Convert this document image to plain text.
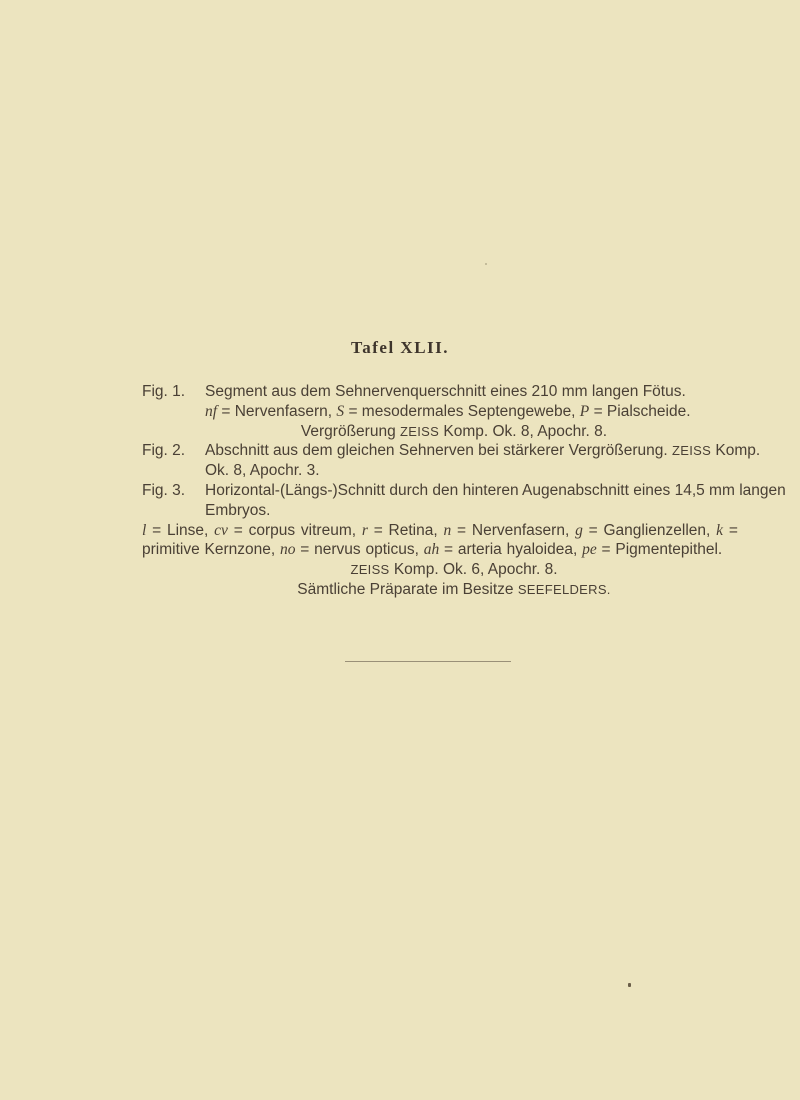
Tafel XLII.
Fig. 1. Segment aus dem Sehnervenquerschnitt eines 210 mm langen Fötus.
nf = Nervenfasern, S = mesodermales Septengewebe, P = Pialscheide.
Vergrößerung ZEISS Komp. Ok. 8, Apochr. 8.
Fig. 2. Abschnitt aus dem gleichen Sehnerven bei stärkerer Vergrößerung. ZEISS Komp.
Ok. 8, Apochr. 3.
Fig. 3. Horizontal-(Längs-)Schnitt durch den hinteren Augenabschnitt eines 14,5 mm langen
Embryos.
l = Linse, cv = corpus vitreum, r = Retina, n = Nervenfasern, g = Ganglienzellen, k =
primitive Kernzone, no = nervus opticus, ah = arteria hyaloidea, pe = Pigmentepithel.
ZEISS Komp. Ok. 6, Apochr. 8.
Sämtliche Präparate im Besitze SEEFELDERS.
